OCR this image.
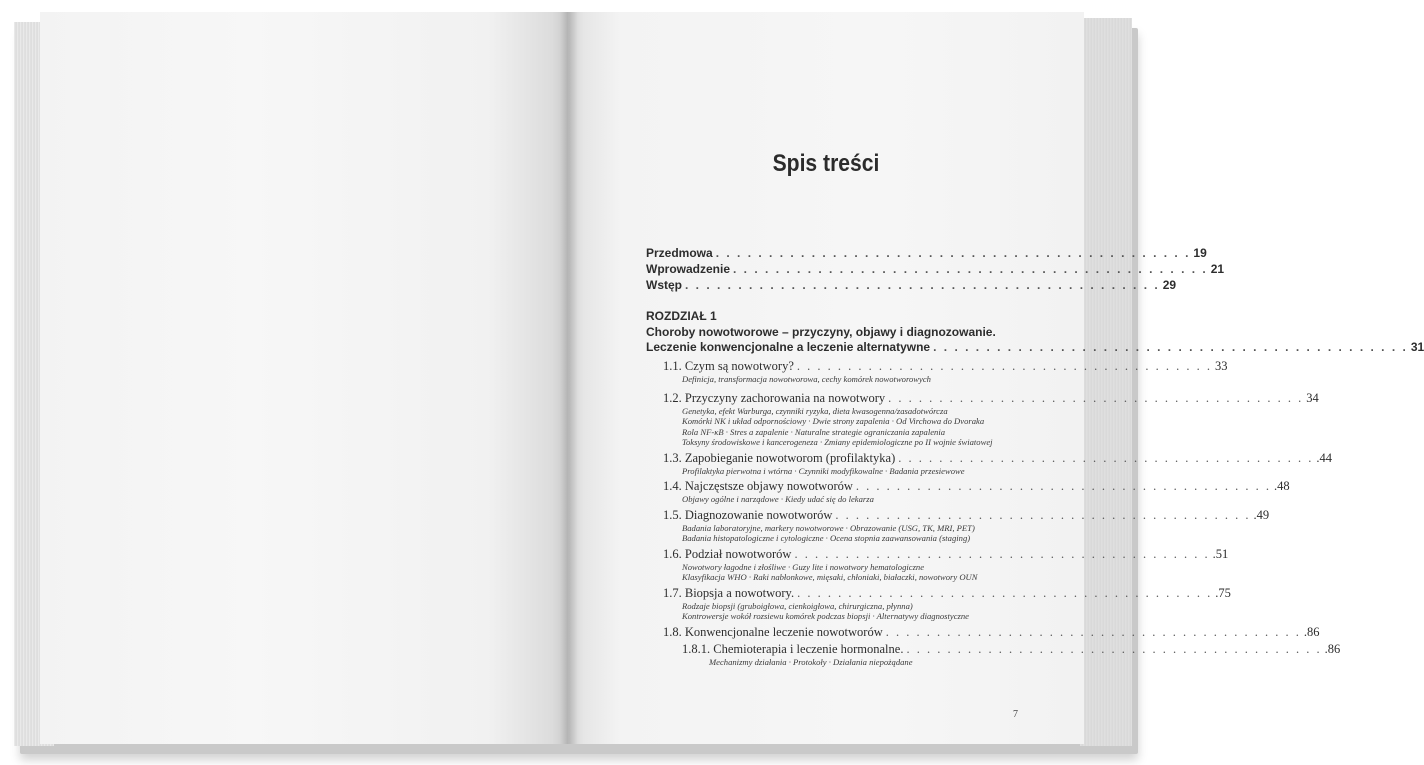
Spis treści
Przedmowa . . . . . . . . . . . . . . . . . . . . . . . . . . . . . . . . . . . . . . . . . . . . . 19
Wprowadzenie . . . . . . . . . . . . . . . . . . . . . . . . . . . . . . . . . . . . . . . . . . . . . 21
Wstęp . . . . . . . . . . . . . . . . . . . . . . . . . . . . . . . . . . . . . . . . . . . . . 29
ROZDZIAŁ 1
Choroby nowotworowe – przyczyny, objawy i diagnozowanie.
Leczenie konwencjonalne a leczenie alternatywne . . . . . . . . . . . . . . . . . . . . . . . . . . . . . . . . . . . . . . . . . . . . . 31
1.1. Czym są nowotwory? . . . . . . . . . . . . . . . . . . . . . . . . . . . . . . . . . . . . . . . . . 33
Definicja, transformacja nowotworowa, cechy komórek nowotworowych
1.2. Przyczyny zachorowania na nowotwory . . . . . . . . . . . . . . . . . . . . . . . . . . . . . . . . . . . . . . . . . 34
Genetyka, efekt Warburga, czynniki ryzyka, dieta kwasogenna/zasadotwórcza
Komórki NK i układ odpornościowy · Dwie strony zapalenia · Od Virchowa do Dvoraka
Rola NF-κB · Stres a zapalenie · Naturalne strategie ograniczania zapalenia
Toksyny środowiskowe i kancerogeneza · Zmiany epidemiologiczne po II wojnie światowej
1.3. Zapobieganie nowotworom (profilaktyka) . . . . . . . . . . . . . . . . . . . . . . . . . . . . . . . . . . . . . . . . . .44
Profilaktyka pierwotna i wtórna · Czynniki modyfikowalne · Badania przesiewowe
1.4. Najczęstsze objawy nowotworów . . . . . . . . . . . . . . . . . . . . . . . . . . . . . . . . . . . . . . . . . .48
Objawy ogólne i narządowe · Kiedy udać się do lekarza
1.5. Diagnozowanie nowotworów . . . . . . . . . . . . . . . . . . . . . . . . . . . . . . . . . . . . . . . . . .49
Badania laboratoryjne, markery nowotworowe · Obrazowanie (USG, TK, MRI, PET)
Badania histopatologiczne i cytologiczne · Ocena stopnia zaawansowania (staging)
1.6. Podział nowotworów . . . . . . . . . . . . . . . . . . . . . . . . . . . . . . . . . . . . . . . . . .51
Nowotwory łagodne i złośliwe · Guzy lite i nowotwory hematologiczne
Klasyfikacja WHO · Raki nabłonkowe, mięsaki, chłoniaki, białaczki, nowotwory OUN
1.7. Biopsja a nowotwory. . . . . . . . . . . . . . . . . . . . . . . . . . . . . . . . . . . . . . . . . . .75
Rodzaje biopsji (gruboigłowa, cienkoigłowa, chirurgiczna, płynna)
Kontrowersje wokół rozsiewu komórek podczas biopsji · Alternatywy diagnostyczne
1.8. Konwencjonalne leczenie nowotworów . . . . . . . . . . . . . . . . . . . . . . . . . . . . . . . . . . . . . . . . . .86
1.8.1. Chemioterapia i leczenie hormonalne. . . . . . . . . . . . . . . . . . . . . . . . . . . . . . . . . . . . . . . . . . .86
Mechanizmy działania · Protokoły · Działania niepożądane
7
